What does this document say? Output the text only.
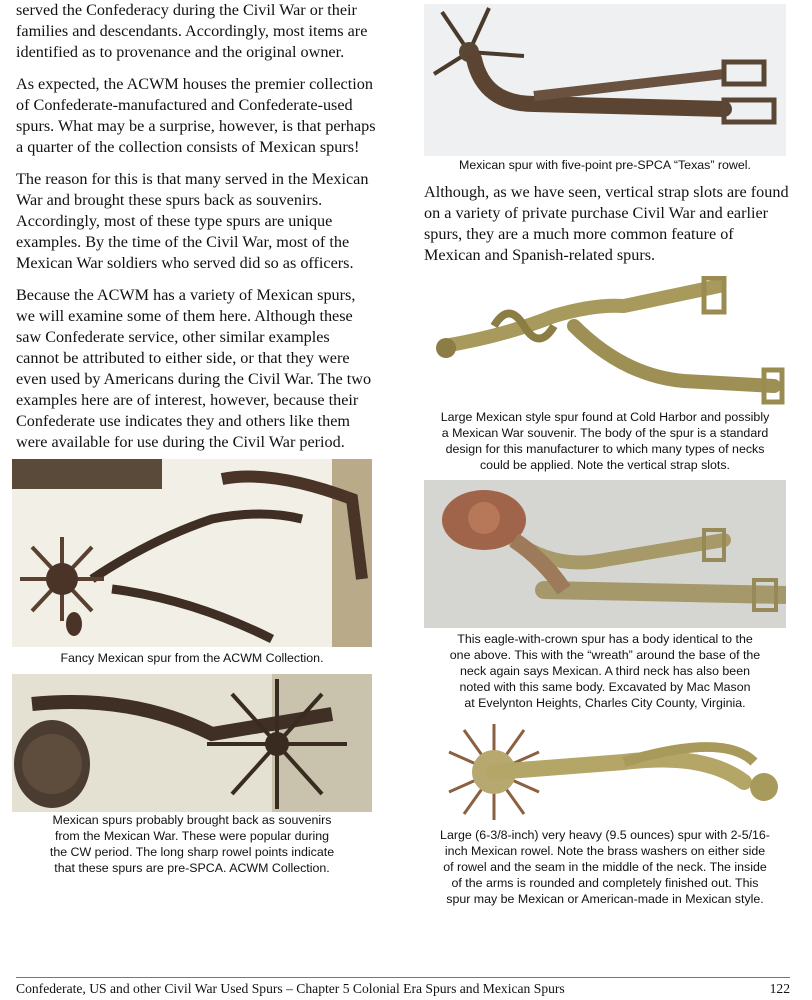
served the Confederacy during the Civil War or their families and descendants. Accordingly, most items are identified as to provenance and the original owner.

As expected, the ACWM houses the premier collection of Confederate-manufactured and Confederate-used spurs. What may be a surprise, however, is that perhaps a quarter of the collection consists of Mexican spurs!

The reason for this is that many served in the Mexican War and brought these spurs back as souvenirs. Accordingly, most of these type spurs are unique examples. By the time of the Civil War, most of the Mexican War soldiers who served did so as officers.

Because the ACWM has a variety of Mexican spurs, we will examine some of them here. Although these saw Confederate service, other similar examples cannot be attributed to either side, or that they were even used by Americans during the Civil War. The two examples here are of interest, however, because their Confederate use indicates they and others like them were available for use during the Civil War period.

Mexican spur with five-point pre-SPCA “Texas” rowel.

Although, as we have seen, vertical strap slots are found on a variety of private purchase Civil War and earlier spurs, they are a much more common feature of Mexican and Spanish-related spurs.

Large Mexican style spur found at Cold Harbor and possibly
a Mexican War souvenir. The body of the spur is a standard
design for this manufacturer to which many types of necks
could be applied. Note the vertical strap slots.
This eagle-with-crown spur has a body identical to the
one above. This with the “wreath” around the base of the
neck again says Mexican. A third neck has also been
noted with this same body. Excavated by Mac Mason
at Evelynton Heights, Charles City County, Virginia.
Large (6-3/8-inch) very heavy (9.5 ounces) spur with 2-5/16-
inch Mexican rowel. Note the brass washers on either side
of rowel and the seam in the middle of the neck. The inside
of the arms is rounded and completely finished out. This
spur may be Mexican or American-made in Mexican style.
Fancy Mexican spur from the ACWM Collection.
Mexican spurs probably brought back as souvenirs
from the Mexican War. These were popular during
the CW period. The long sharp rowel points indicate
that these spurs are pre-SPCA. ACWM Collection.
Confederate, US and other Civil War Used Spurs – Chapter 5 Colonial Era Spurs and Mexican Spurs	122
